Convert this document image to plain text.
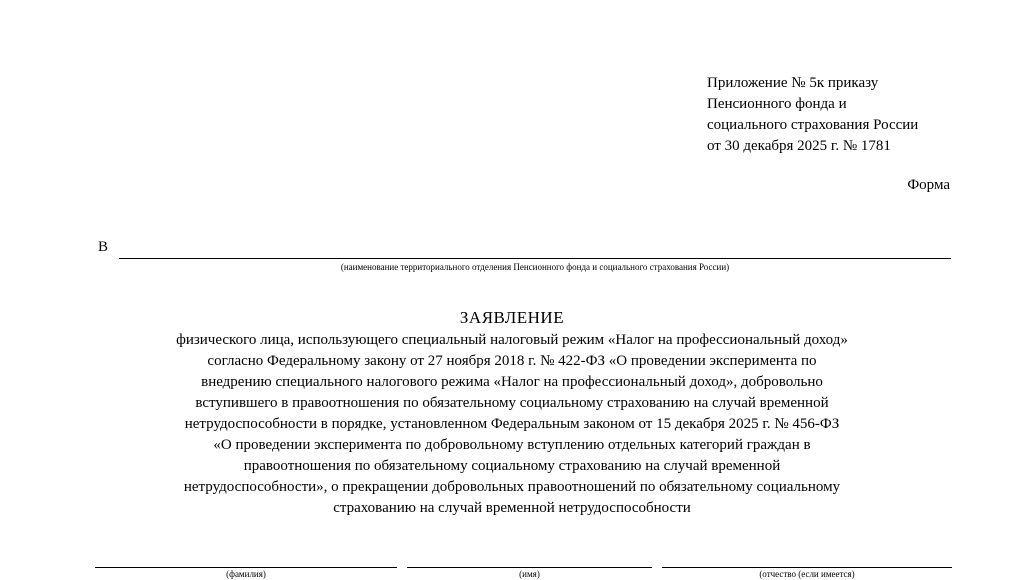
Приложение № 5к приказу
Пенсионного фонда и
социального страхования России
от 30 декабря 2025 г. № 1781
Форма
В
(наименование территориального отделения Пенсионного фонда и социального страхования России)
ЗАЯВЛЕНИЕ
физического лица, использующего специальный налоговый режим «Налог на профессиональный доход»
согласно Федеральному закону от 27 ноября 2018 г. № 422-ФЗ «О проведении эксперимента по
внедрению специального налогового режима «Налог на профессиональный доход», добровольно
вступившего в правоотношения по обязательному социальному страхованию на случай временной
нетрудоспособности в порядке, установленном Федеральным законом от 15 декабря 2025 г. № 456-ФЗ
«О проведении эксперимента по добровольному вступлению отдельных категорий граждан в
правоотношения по обязательному социальному страхованию на случай временной
нетрудоспособности», о прекращении добровольных правоотношений по обязательному социальному
страхованию на случай временной нетрудоспособности
(фамилия)	(имя)	(отчество (если имеется)
